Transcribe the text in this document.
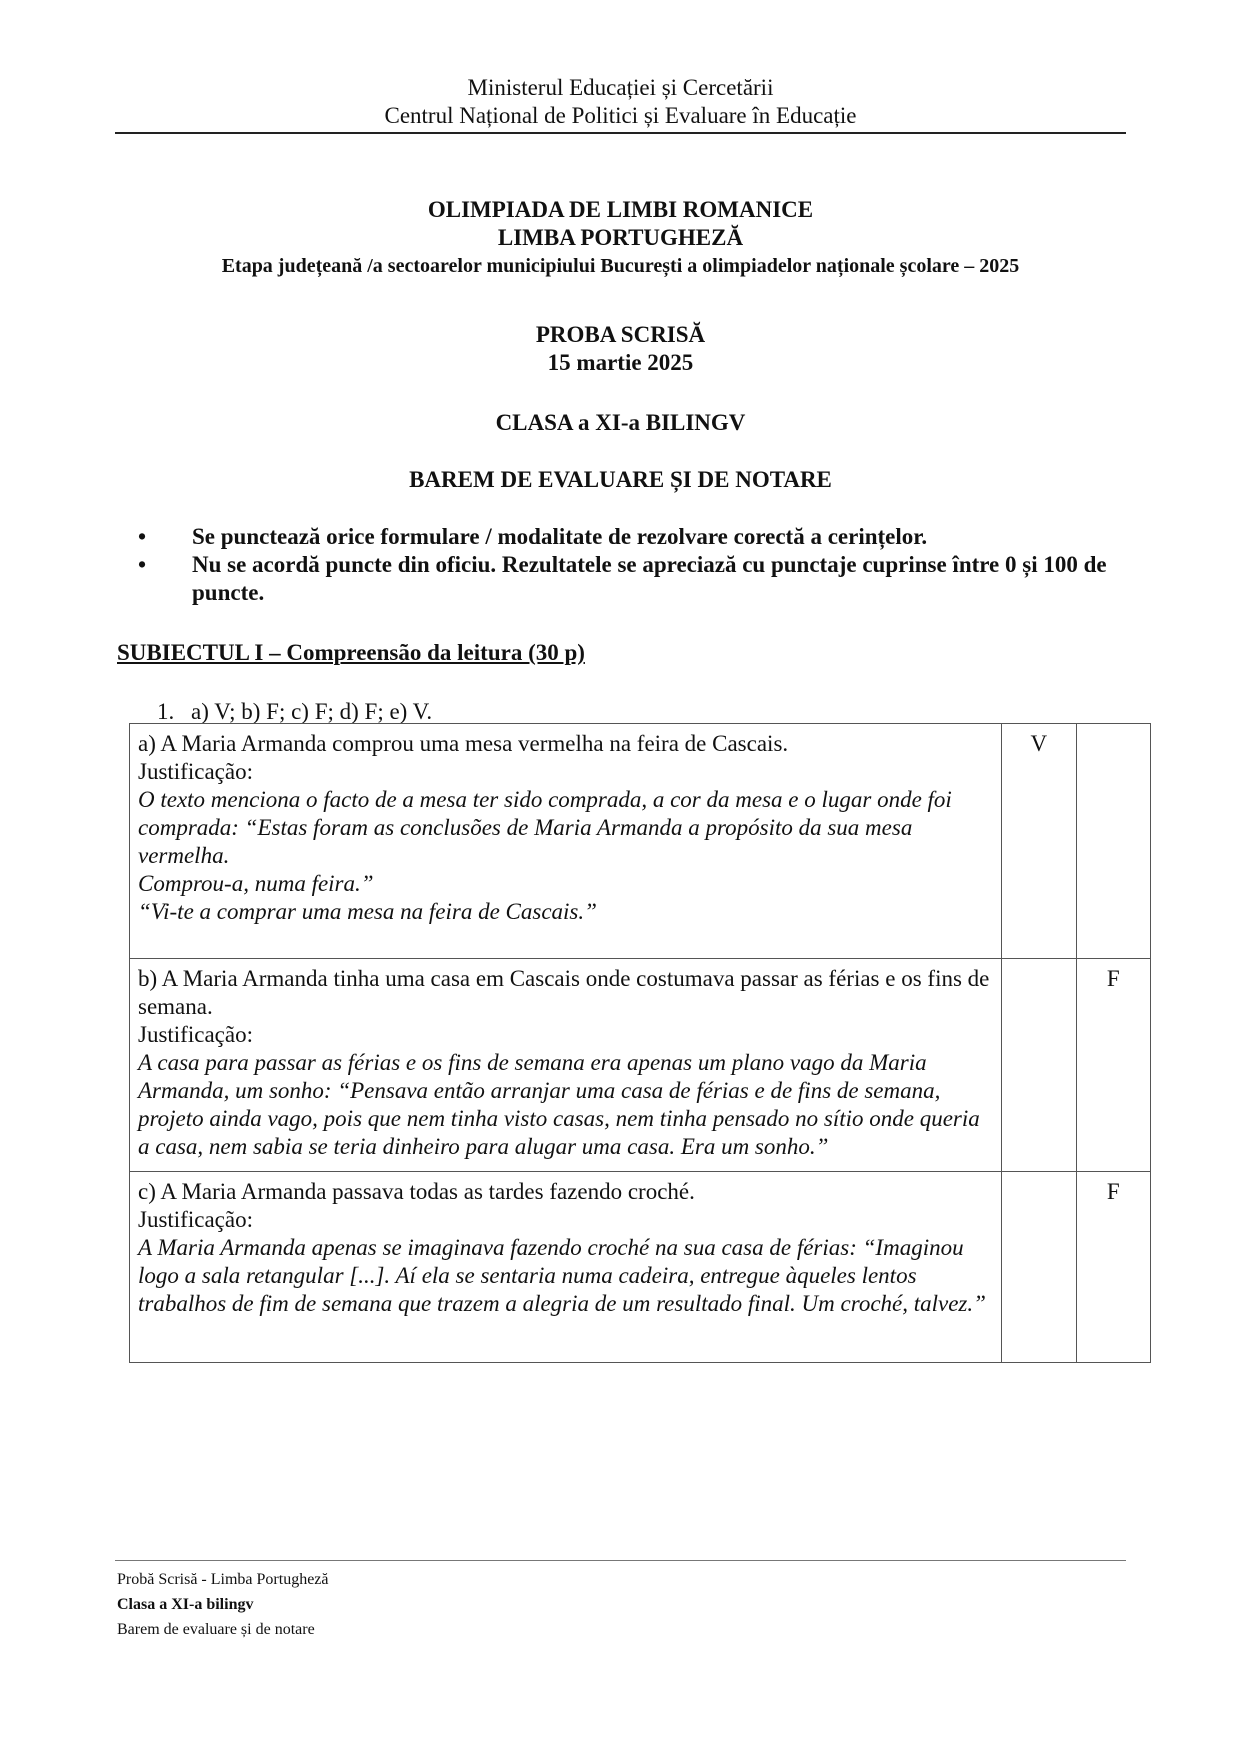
Ministerul Educației și Cercetării
Centrul Național de Politici și Evaluare în Educație
OLIMPIADA DE LIMBI ROMANICE
LIMBA PORTUGHEZĂ
Etapa județeană /a sectoarelor municipiului București a olimpiadelor naționale școlare – 2025
PROBA SCRISĂ
15 martie 2025
CLASA a XI-a BILINGV
BAREM DE EVALUARE ȘI DE NOTARE
•	Se punctează orice formulare / modalitate de rezolvare corectă a cerințelor.
•	Nu se acordă puncte din oficiu. Rezultatele se apreciază cu punctaje cuprinse între 0 și 100 de puncte.
SUBIECTUL I – Compreensão da leitura (30 p)
1. a) V; b) F; c) F; d) F; e) V.
a) A Maria Armanda comprou uma mesa vermelha na feira de Cascais.
Justificação:
O texto menciona o facto de a mesa ter sido comprada, a cor da mesa e o lugar onde foi comprada: “Estas foram as conclusões de Maria Armanda a propósito da sua mesa vermelha.
Comprou-a, numa feira.”
“Vi-te a comprar uma mesa na feira de Cascais.”	V	

b) A Maria Armanda tinha uma casa em Cascais onde costumava passar as férias e os fins de semana.
Justificação:
A casa para passar as férias e os fins de semana era apenas um plano vago da Maria Armanda, um sonho: “Pensava então arranjar uma casa de férias e de fins de semana, projeto ainda vago, pois que nem tinha visto casas, nem tinha pensado no sítio onde queria a casa, nem sabia se teria dinheiro para alugar uma casa. Era um sonho.”		F

c) A Maria Armanda passava todas as tardes fazendo croché.
Justificação:
A Maria Armanda apenas se imaginava fazendo croché na sua casa de férias: “Imaginou logo a sala retangular [...]. Aí ela se sentaria numa cadeira, entregue àqueles lentos trabalhos de fim de semana que trazem a alegria de um resultado final. Um croché, talvez.”		F
Probă Scrisă - Limba Portugheză
Clasa a XI-a bilingv
Barem de evaluare și de notare
